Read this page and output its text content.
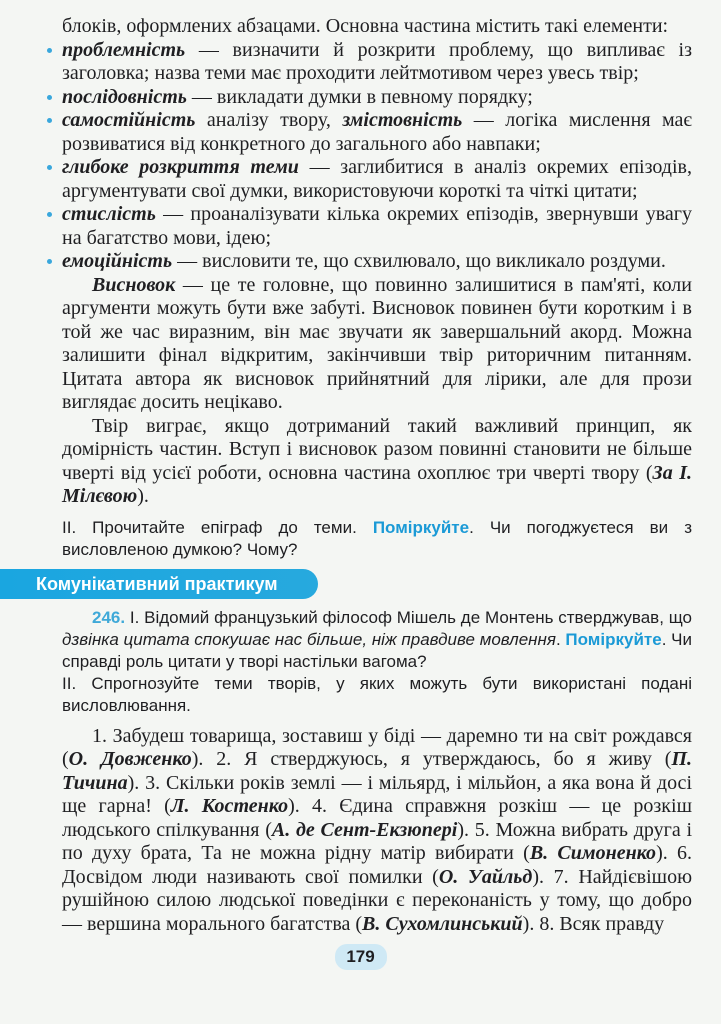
блоків, оформлених абзацами. Основна частина містить такі елементи:

проблемність — визначити й розкрити проблему, що випливає із заголовка; назва теми має проходити лейтмотивом через увесь твір;
послідовність — викладати думки в певному порядку;
самостійність аналізу твору, змістовність — логіка мислення має розвиватися від конкретного до загального або навпаки;
глибоке розкриття теми — заглибитися в аналіз окремих епізодів, аргументувати свої думки, використовуючи короткі та чіткі цитати;
стислість — проаналізувати кілька окремих епізодів, звернувши увагу на багатство мови, ідею;
емоційність — висловити те, що схвилювало, що викликало роздуми.

Висновок — це те головне, що повинно залишитися в пам'яті, коли аргументи можуть бути вже забуті. Висновок повинен бути коротким і в той же час виразним, він має звучати як завершальний акорд. Можна залишити фінал відкритим, закінчивши твір риторичним питанням. Цитата автора як висновок прийнятний для лірики, але для прози виглядає досить нецікаво.

Твір виграє, якщо дотриманий такий важливий принцип, як домірність частин. Вступ і висновок разом повинні становити не більше чверті від усієї роботи, основна частина охоплює три чверті твору (За І. Мілєвою).

II. Прочитайте епіграф до теми. Поміркуйте. Чи погоджуєтеся ви з висловленою думкою? Чому?
Комунікативний практикум

246. I. Відомий французький філософ Мішель де Монтень стверджував, що дзвінка цитата спокушає нас більше, ніж правдиве мовлення. Поміркуйте. Чи справді роль цитати у творі настільки вагома?

II. Спрогнозуйте теми творів, у яких можуть бути використані подані висловлювання.

1. Забудеш товарища, зоставиш у біді — даремно ти на світ рождався (О. Довженко). 2. Я стверджуюсь, я утверждаюсь, бо я живу (П. Тичина). 3. Скільки років землі — і мільярд, і мільйон, а яка вона й досі ще гарна! (Л. Костенко). 4. Єдина справжня розкіш — це розкіш людського спілкування (А. де Сент-Екзюпері). 5. Можна вибрать друга і по духу брата, Та не можна рідну матір вибирати (В. Симоненко). 6. Досвідом люди називають свої помилки (О. Уайльд). 7. Найдієвішою рушійною силою людської поведінки є переконаність у тому, що добро — вершина морального багатства (В. Сухомлинський). 8. Всяк правду

179
